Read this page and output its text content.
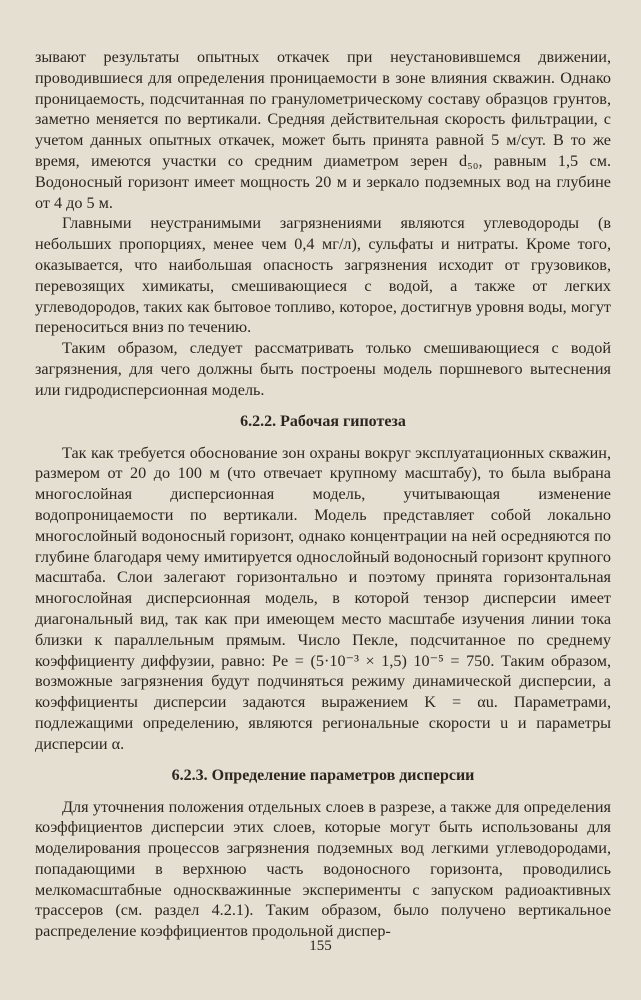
зывают результаты опытных откачек при неустановившемся движении, проводившиеся для определения проницаемости в зоне влияния скважин. Однако проницаемость, подсчитанная по гранулометрическому составу образцов грунтов, заметно меняется по вертикали. Средняя действительная скорость фильтрации, с учетом данных опытных откачек, может быть принята равной 5 м/сут. В то же время, имеются участки со средним диаметром зерен d₅₀, равным 1,5 см. Водоносный горизонт имеет мощность 20 м и зеркало подземных вод на глубине от 4 до 5 м.

Главными неустранимыми загрязнениями являются углеводороды (в небольших пропорциях, менее чем 0,4 мг/л), сульфаты и нитраты. Кроме того, оказывается, что наибольшая опасность загрязнения исходит от грузовиков, перевозящих химикаты, смешивающиеся с водой, а также от легких углеводородов, таких как бытовое топливо, которое, достигнув уровня воды, могут переноситься вниз по течению.

Таким образом, следует рассматривать только смешивающиеся с водой загрязнения, для чего должны быть построены модель поршневого вытеснения или гидродисперсионная модель.

6.2.2. Рабочая гипотеза

Так как требуется обоснование зон охраны вокруг эксплуатационных скважин, размером от 20 до 100 м (что отвечает крупному масштабу), то была выбрана многослойная дисперсионная модель, учитывающая изменение водопроницаемости по вертикали. Модель представляет собой локально многослойный водоносный горизонт, однако концентрации на ней осредняются по глубине благодаря чему имитируется однослойный водоносный горизонт крупного масштаба. Слои залегают горизонтально и поэтому принята горизонтальная многослойная дисперсионная модель, в которой тензор дисперсии имеет диагональный вид, так как при имеющем место масштабе изучения линии тока близки к параллельным прямым. Число Пекле, подсчитанное по среднему коэффициенту диффузии, равно: Pe = (5·10⁻³ × 1,5) 10⁻⁵ = 750. Таким образом, возможные загрязнения будут подчиняться режиму динамической дисперсии, а коэффициенты дисперсии задаются выражением K = αu. Параметрами, подлежащими определению, являются региональные скорости u и параметры дисперсии α.

6.2.3. Определение параметров дисперсии

Для уточнения положения отдельных слоев в разрезе, а также для определения коэффициентов дисперсии этих слоев, которые могут быть использованы для моделирования процессов загрязнения подземных вод легкими углеводородами, попадающими в верхнюю часть водоносного горизонта, проводились мелкомасштабные односкважинные эксперименты с запуском радиоактивных трассеров (см. раздел 4.2.1). Таким образом, было получено вертикальное распределение коэффициентов продольной диспер-

155
